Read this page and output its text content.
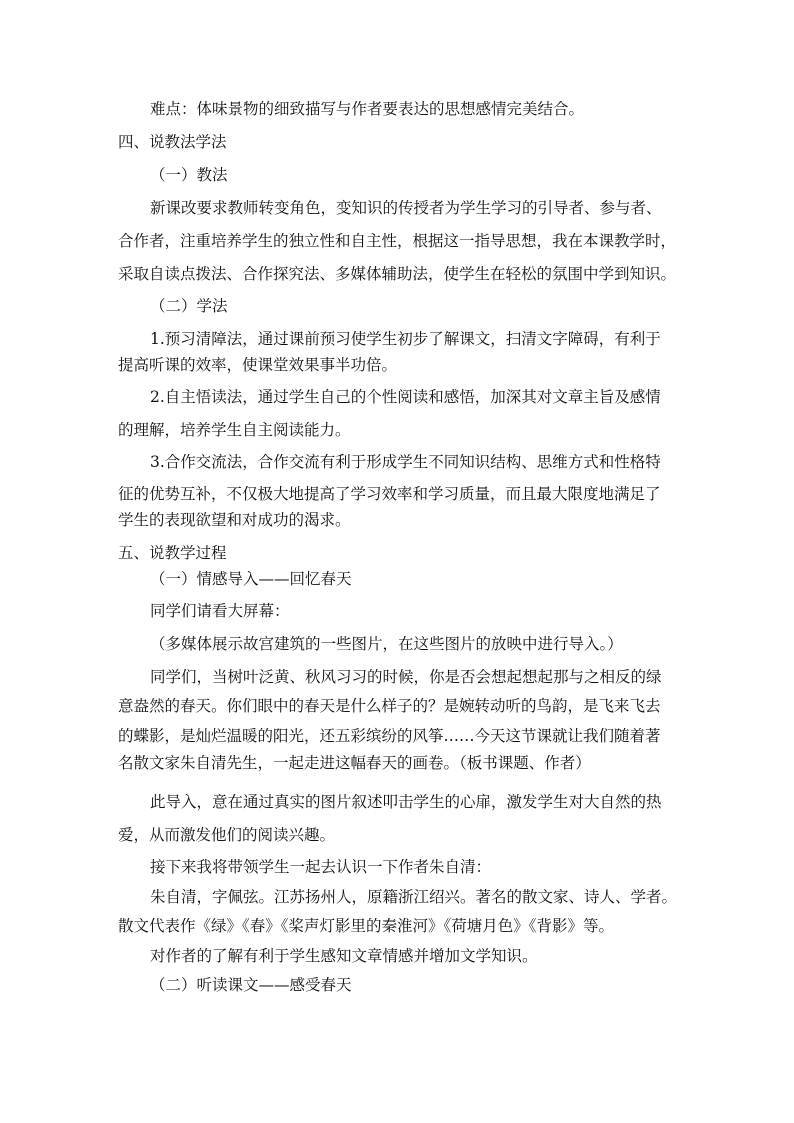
难点：体味景物的细致描写与作者要表达的思想感情完美结合。
四、说教法学法
（一）教法
新课改要求教师转变角色，变知识的传授者为学生学习的引导者、参与者、
合作者，注重培养学生的独立性和自主性，根据这一指导思想，我在本课教学时，
采取自读点拨法、合作探究法、多媒体辅助法，使学生在轻松的氛围中学到知识。
（二）学法
1.预习清障法，通过课前预习使学生初步了解课文，扫清文字障碍，有利于
提高听课的效率，使课堂效果事半功倍。
2.自主悟读法，通过学生自己的个性阅读和感悟，加深其对文章主旨及感情
的理解，培养学生自主阅读能力。
3.合作交流法，合作交流有利于形成学生不同知识结构、思维方式和性格特
征的优势互补，不仅极大地提高了学习效率和学习质量，而且最大限度地满足了
学生的表现欲望和对成功的渴求。
五、说教学过程
（一）情感导入——回忆春天
同学们请看大屏幕：
（多媒体展示故宫建筑的一些图片，在这些图片的放映中进行导入。）
同学们，当树叶泛黄、秋风习习的时候，你是否会想起想起那与之相反的绿
意盎然的春天。你们眼中的春天是什么样子的？是婉转动听的鸟韵，是飞来飞去
的蝶影，是灿烂温暖的阳光，还五彩缤纷的风筝……今天这节课就让我们随着著
名散文家朱自清先生，一起走进这幅春天的画卷。（板书课题、作者）
此导入，意在通过真实的图片叙述叩击学生的心扉，激发学生对大自然的热
爱，从而激发他们的阅读兴趣。
接下来我将带领学生一起去认识一下作者朱自清：
朱自清，字佩弦。江苏扬州人，原籍浙江绍兴。著名的散文家、诗人、学者。
散文代表作《绿》《春》《桨声灯影里的秦淮河》《荷塘月色》《背影》等。
对作者的了解有利于学生感知文章情感并增加文学知识。
（二）听读课文——感受春天
